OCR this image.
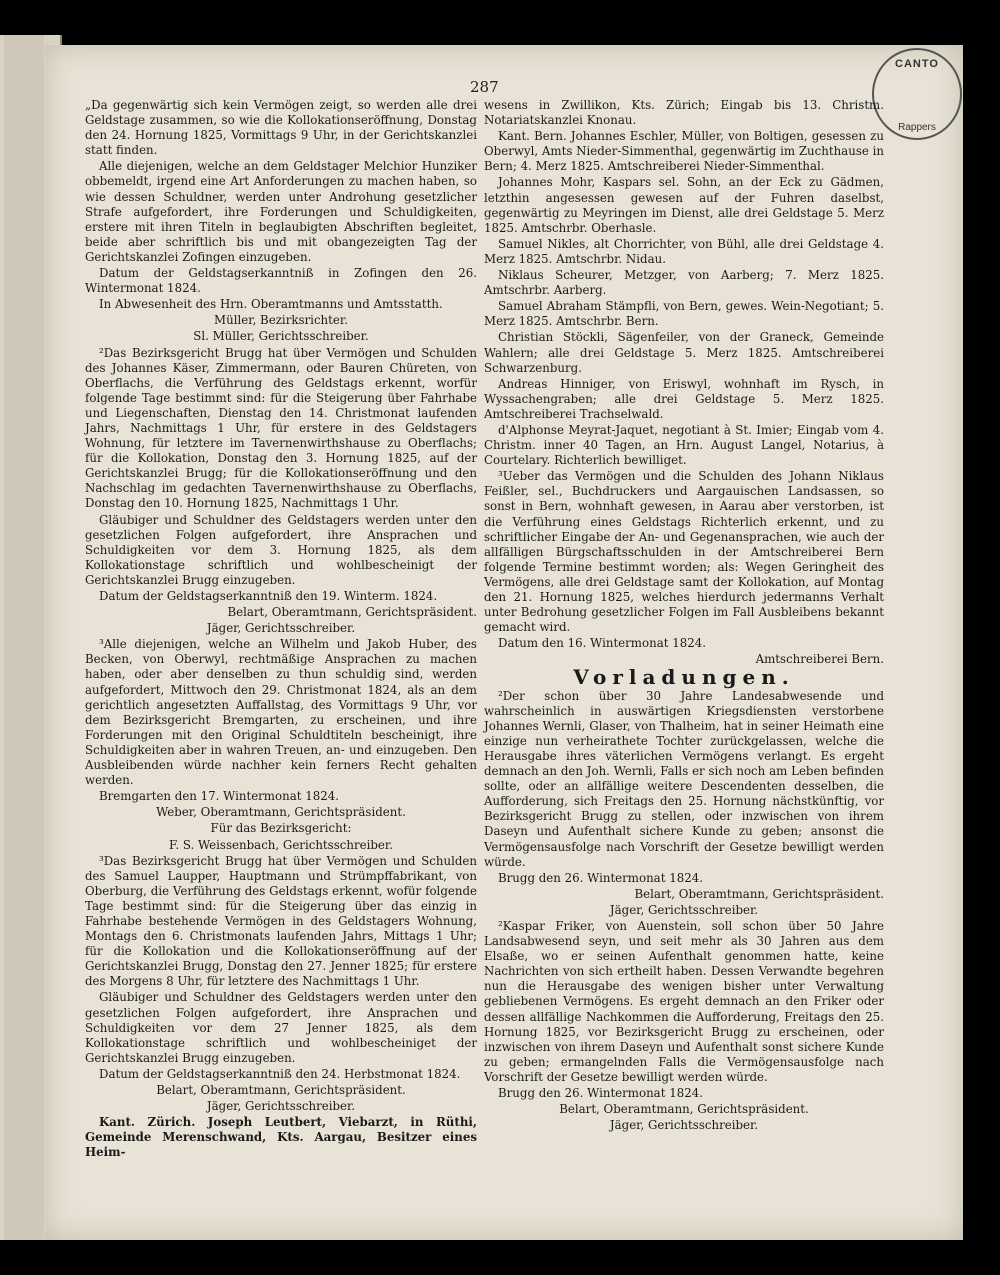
CANTO
Rappers
287

„Da gegenwärtig sich kein Vermögen zeigt, so werden alle drei Geldstage zusammen, so wie die Kollokationseröffnung, Donstag den 24. Hornung 1825, Vormittags 9 Uhr, in der Gerichtskanzlei statt finden.

Alle diejenigen, welche an dem Geldstager Melchior Hunziker obbemeldt, irgend eine Art Anforderungen zu machen haben, so wie dessen Schuldner, werden unter Androhung gesetzlicher Strafe aufgefordert, ihre Forderungen und Schuldigkeiten, erstere mit ihren Titeln in beglaubigten Abschriften begleitet, beide aber schriftlich bis und mit obangezeigten Tag der Gerichtskanzlei Zofingen einzugeben.

Datum der Geldstagserkanntniß in Zofingen den 26. Wintermonat 1824.

In Abwesenheit des Hrn. Oberamtmanns und Amtsstatth.

Müller, Bezirksrichter.

Sl. Müller, Gerichtsschreiber.

²Das Bezirksgericht Brugg hat über Vermögen und Schulden des Johannes Käser, Zimmermann, oder Bauren Chüreten, von Oberflachs, die Verführung des Geldstags erkennt, worfür folgende Tage bestimmt sind: für die Steigerung über Fahrhabe und Liegenschaften, Dienstag den 14. Christmonat laufenden Jahrs, Nachmittags 1 Uhr, für erstere in des Geldstagers Wohnung, für letztere im Tavernenwirthshause zu Oberflachs; für die Kollokation, Donstag den 3. Hornung 1825, auf der Gerichtskanzlei Brugg; für die Kollokationseröffnung und den Nachschlag im gedachten Tavernenwirthshause zu Oberflachs, Donstag den 10. Hornung 1825, Nachmittags 1 Uhr.

Gläubiger und Schuldner des Geldstagers werden unter den gesetzlichen Folgen aufgefordert, ihre Ansprachen und Schuldigkeiten vor dem 3. Hornung 1825, als dem Kollokationstage schriftlich und wohlbescheinigt der Gerichtskanzlei Brugg einzugeben.

Datum der Geldstagserkanntniß den 19. Winterm. 1824.

Belart, Oberamtmann, Gerichtspräsident.

Jäger, Gerichtsschreiber.

³Alle diejenigen, welche an Wilhelm und Jakob Huber, des Becken, von Oberwyl, rechtmäßige Ansprachen zu machen haben, oder aber denselben zu thun schuldig sind, werden aufgefordert, Mittwoch den 29. Christmonat 1824, als an dem gerichtlich angesetzten Auffallstag, des Vormittags 9 Uhr, vor dem Bezirksgericht Bremgarten, zu erscheinen, und ihre Forderungen mit den Original Schuldtiteln bescheinigt, ihre Schuldigkeiten aber in wahren Treuen, an- und einzugeben. Den Ausbleibenden würde nachher kein ferners Recht gehalten werden.

Bremgarten den 17. Wintermonat 1824.

Weber, Oberamtmann, Gerichtspräsident.

Für das Bezirksgericht:

F. S. Weissenbach, Gerichtsschreiber.

³Das Bezirksgericht Brugg hat über Vermögen und Schulden des Samuel Laupper, Hauptmann und Strümpffabrikant, von Oberburg, die Verführung des Geldstags erkennt, wofür folgende Tage bestimmt sind: für die Steigerung über das einzig in Fahrhabe bestehende Vermögen in des Geldstagers Wohnung, Montags den 6. Christmonats laufenden Jahrs, Mittags 1 Uhr; für die Kollokation und die Kollokationseröffnung auf der Gerichtskanzlei Brugg, Donstag den 27. Jenner 1825; für erstere des Morgens 8 Uhr, für letztere des Nachmittags 1 Uhr.

Gläubiger und Schuldner des Geldstagers werden unter den gesetzlichen Folgen aufgefordert, ihre Ansprachen und Schuldigkeiten vor dem 27 Jenner 1825, als dem Kollokationstage schriftlich und wohlbescheiniget der Gerichtskanzlei Brugg einzugeben.

Datum der Geldstagserkanntniß den 24. Herbstmonat 1824.

Belart, Oberamtmann, Gerichtspräsident.

Jäger, Gerichtsschreiber.

Kant. Zürich. Joseph Leutbert, Viebarzt, in Rüthi, Gemeinde Merenschwand, Kts. Aargau, Besitzer eines Heim-

wesens in Zwillikon, Kts. Zürich; Eingab bis 13. Christm. Notariatskanzlei Knonau.

Kant. Bern. Johannes Eschler, Müller, von Boltigen, gesessen zu Oberwyl, Amts Nieder-Simmenthal, gegenwärtig im Zuchthause in Bern; 4. Merz 1825. Amtschreiberei Nieder-Simmenthal.

Johannes Mohr, Kaspars sel. Sohn, an der Eck zu Gädmen, letzthin angesessen gewesen auf der Fuhren daselbst, gegenwärtig zu Meyringen im Dienst, alle drei Geldstage 5. Merz 1825. Amtschrbr. Oberhasle.

Samuel Nikles, alt Chorrichter, von Bühl, alle drei Geldstage 4. Merz 1825. Amtschrbr. Nidau.

Niklaus Scheurer, Metzger, von Aarberg; 7. Merz 1825. Amtschrbr. Aarberg.

Samuel Abraham Stämpfli, von Bern, gewes. Wein-Negotiant; 5. Merz 1825. Amtschrbr. Bern.

Christian Stöckli, Sägenfeiler, von der Graneck, Gemeinde Wahlern; alle drei Geldstage 5. Merz 1825. Amtschreiberei Schwarzenburg.

Andreas Hinniger, von Eriswyl, wohnhaft im Rysch, in Wyssachengraben; alle drei Geldstage 5. Merz 1825. Amtschreiberei Trachselwald.

d'Alphonse Meyrat-Jaquet, negotiant à St. Imier; Eingab vom 4. Christm. inner 40 Tagen, an Hrn. August Langel, Notarius, à Courtelary. Richterlich bewilliget.

³Ueber das Vermögen und die Schulden des Johann Niklaus Feißler, sel., Buchdruckers und Aargauischen Landsassen, so sonst in Bern, wohnhaft gewesen, in Aarau aber verstorben, ist die Verführung eines Geldstags Richterlich erkennt, und zu schriftlicher Eingabe der An- und Gegenansprachen, wie auch der allfälligen Bürgschaftsschulden in der Amtschreiberei Bern folgende Termine bestimmt worden; als: Wegen Geringheit des Vermögens, alle drei Geldstage samt der Kollokation, auf Montag den 21. Hornung 1825, welches hierdurch jedermanns Verhalt unter Bedrohung gesetzlicher Folgen im Fall Ausbleibens bekannt gemacht wird.

Datum den 16. Wintermonat 1824.

Amtschreiberei Bern.

Vorladungen.

²Der schon über 30 Jahre Landesabwesende und wahrscheinlich in auswärtigen Kriegsdiensten verstorbene Johannes Wernli, Glaser, von Thalheim, hat in seiner Heimath eine einzige nun verheirathete Tochter zurückgelassen, welche die Herausgabe ihres väterlichen Vermögens verlangt. Es ergeht demnach an den Joh. Wernli, Falls er sich noch am Leben befinden sollte, oder an allfällige weitere Descendenten desselben, die Aufforderung, sich Freitags den 25. Hornung nächstkünftig, vor Bezirksgericht Brugg zu stellen, oder inzwischen von ihrem Daseyn und Aufenthalt sichere Kunde zu geben; ansonst die Vermögensausfolge nach Vorschrift der Gesetze bewilligt werden würde.

Brugg den 26. Wintermonat 1824.

Belart, Oberamtmann, Gerichtspräsident.

Jäger, Gerichtsschreiber.

²Kaspar Friker, von Auenstein, soll schon über 50 Jahre Landsabwesend seyn, und seit mehr als 30 Jahren aus dem Elsaße, wo er seinen Aufenthalt genommen hatte, keine Nachrichten von sich ertheilt haben. Dessen Verwandte begehren nun die Herausgabe des wenigen bisher unter Verwaltung gebliebenen Vermögens. Es ergeht demnach an den Friker oder dessen allfällige Nachkommen die Aufforderung, Freitags den 25. Hornung 1825, vor Bezirksgericht Brugg zu erscheinen, oder inzwischen von ihrem Daseyn und Aufenthalt sonst sichere Kunde zu geben; ermangelnden Falls die Vermögensausfolge nach Vorschrift der Gesetze bewilligt werden würde.

Brugg den 26. Wintermonat 1824.

Belart, Oberamtmann, Gerichtspräsident.

Jäger, Gerichtsschreiber.
